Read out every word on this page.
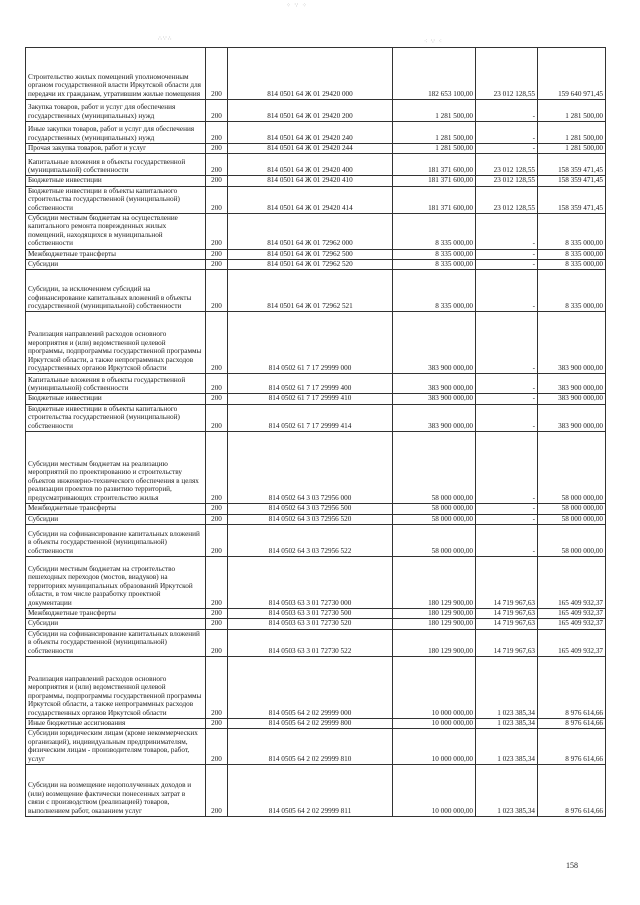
⁘ ∵ ⁘
∴∵∴	⁖ ∵ ⁖
Строительство жилых помещений уполномоченным органом государственной власти Иркутской области для передачи их гражданам, утратившим жилые помещения	200	814 0501 64 Ж 01 29420 000	182 653 100,00	23 012 128,55	159 640 971,45
Закупка товаров, работ и услуг для обеспечения государственных (муниципальных) нужд	200	814 0501 64 Ж 01 29420 200	1 281 500,00	-	1 281 500,00
Иные закупки товаров, работ и услуг для обеспечения государственных (муниципальных) нужд	200	814 0501 64 Ж 01 29420 240	1 281 500,00	-	1 281 500,00
Прочая закупка товаров, работ и услуг	200	814 0501 64 Ж 01 29420 244	1 281 500,00	-	1 281 500,00
Капитальные вложения в объекты государственной (муниципальной) собственности	200	814 0501 64 Ж 01 29420 400	181 371 600,00	23 012 128,55	158 359 471,45
Бюджетные инвестиции	200	814 0501 64 Ж 01 29420 410	181 371 600,00	23 012 128,55	158 359 471,45
Бюджетные инвестиции в объекты капитального строительства государственной (муниципальной) собственности	200	814 0501 64 Ж 01 29420 414	181 371 600,00	23 012 128,55	158 359 471,45
Субсидии местным бюджетам на осуществление капитального ремонта поврежденных жилых помещений, находящихся в муниципальной собственности	200	814 0501 64 Ж 01 72962 000	8 335 000,00	-	8 335 000,00
Межбюджетные трансферты	200	814 0501 64 Ж 01 72962 500	8 335 000,00	-	8 335 000,00
Субсидии	200	814 0501 64 Ж 01 72962 520	8 335 000,00	-	8 335 000,00
Субсидии, за исключением субсидий на софинансирование капитальных вложений в объекты государственной (муниципальной) собственности	200	814 0501 64 Ж 01 72962 521	8 335 000,00	-	8 335 000,00
Реализация направлений расходов основного мероприятия и (или) ведомственной целевой программы, подпрограммы государственной программы Иркутской области, а также непрограммных расходов государственных органов Иркутской области	200	814 0502 61 7 17 29999 000	383 900 000,00	-	383 900 000,00
Капитальные вложения в объекты государственной (муниципальной) собственности	200	814 0502 61 7 17 29999 400	383 900 000,00	-	383 900 000,00
Бюджетные инвестиции	200	814 0502 61 7 17 29999 410	383 900 000,00	-	383 900 000,00
Бюджетные инвестиции в объекты капитального строительства государственной (муниципальной) собственности	200	814 0502 61 7 17 29999 414	383 900 000,00	-	383 900 000,00
Субсидии местным бюджетам на реализацию мероприятий по проектированию и строительству объектов инженерно-технического обеспечения в целях реализации проектов по развитию территорий, предусматривающих строительство жилья	200	814 0502 64 3 03 72956 000	58 000 000,00	-	58 000 000,00
Межбюджетные трансферты	200	814 0502 64 3 03 72956 500	58 000 000,00	-	58 000 000,00
Субсидии	200	814 0502 64 3 03 72956 520	58 000 000,00	-	58 000 000,00
Субсидии на софинансирование капитальных вложений в объекты государственной (муниципальной) собственности	200	814 0502 64 3 03 72956 522	58 000 000,00	-	58 000 000,00
Субсидии местным бюджетам на строительство пешеходных переходов (мостов, виадуков) на территориях муниципальных образований Иркутской области, в том числе разработку проектной документации	200	814 0503 63 3 01 72730 000	180 129 900,00	14 719 967,63	165 409 932,37
Межбюджетные трансферты	200	814 0503 63 3 01 72730 500	180 129 900,00	14 719 967,63	165 409 932,37
Субсидии	200	814 0503 63 3 01 72730 520	180 129 900,00	14 719 967,63	165 409 932,37
Субсидии на софинансирование капитальных вложений в объекты государственной (муниципальной) собственности	200	814 0503 63 3 01 72730 522	180 129 900,00	14 719 967,63	165 409 932,37
Реализация направлений расходов основного мероприятия и (или) ведомственной целевой программы, подпрограммы государственной программы Иркутской области, а также непрограммных расходов государственных органов Иркутской области	200	814 0505 64 2 02 29999 000	10 000 000,00	1 023 385,34	8 976 614,66
Иные бюджетные ассигнования	200	814 0505 64 2 02 29999 800	10 000 000,00	1 023 385,34	8 976 614,66
Субсидии юридическим лицам (кроме некоммерческих организаций), индивидуальным предпринимателям, физическим лицам - производителям товаров, работ, услуг	200	814 0505 64 2 02 29999 810	10 000 000,00	1 023 385,34	8 976 614,66
Субсидии на возмещение недополученных доходов и (или) возмещение фактически понесенных затрат в связи с производством (реализацией) товаров, выполнением работ, оказанием услуг	200	814 0505 64 2 02 29999 811	10 000 000,00	1 023 385,34	8 976 614,66
158
